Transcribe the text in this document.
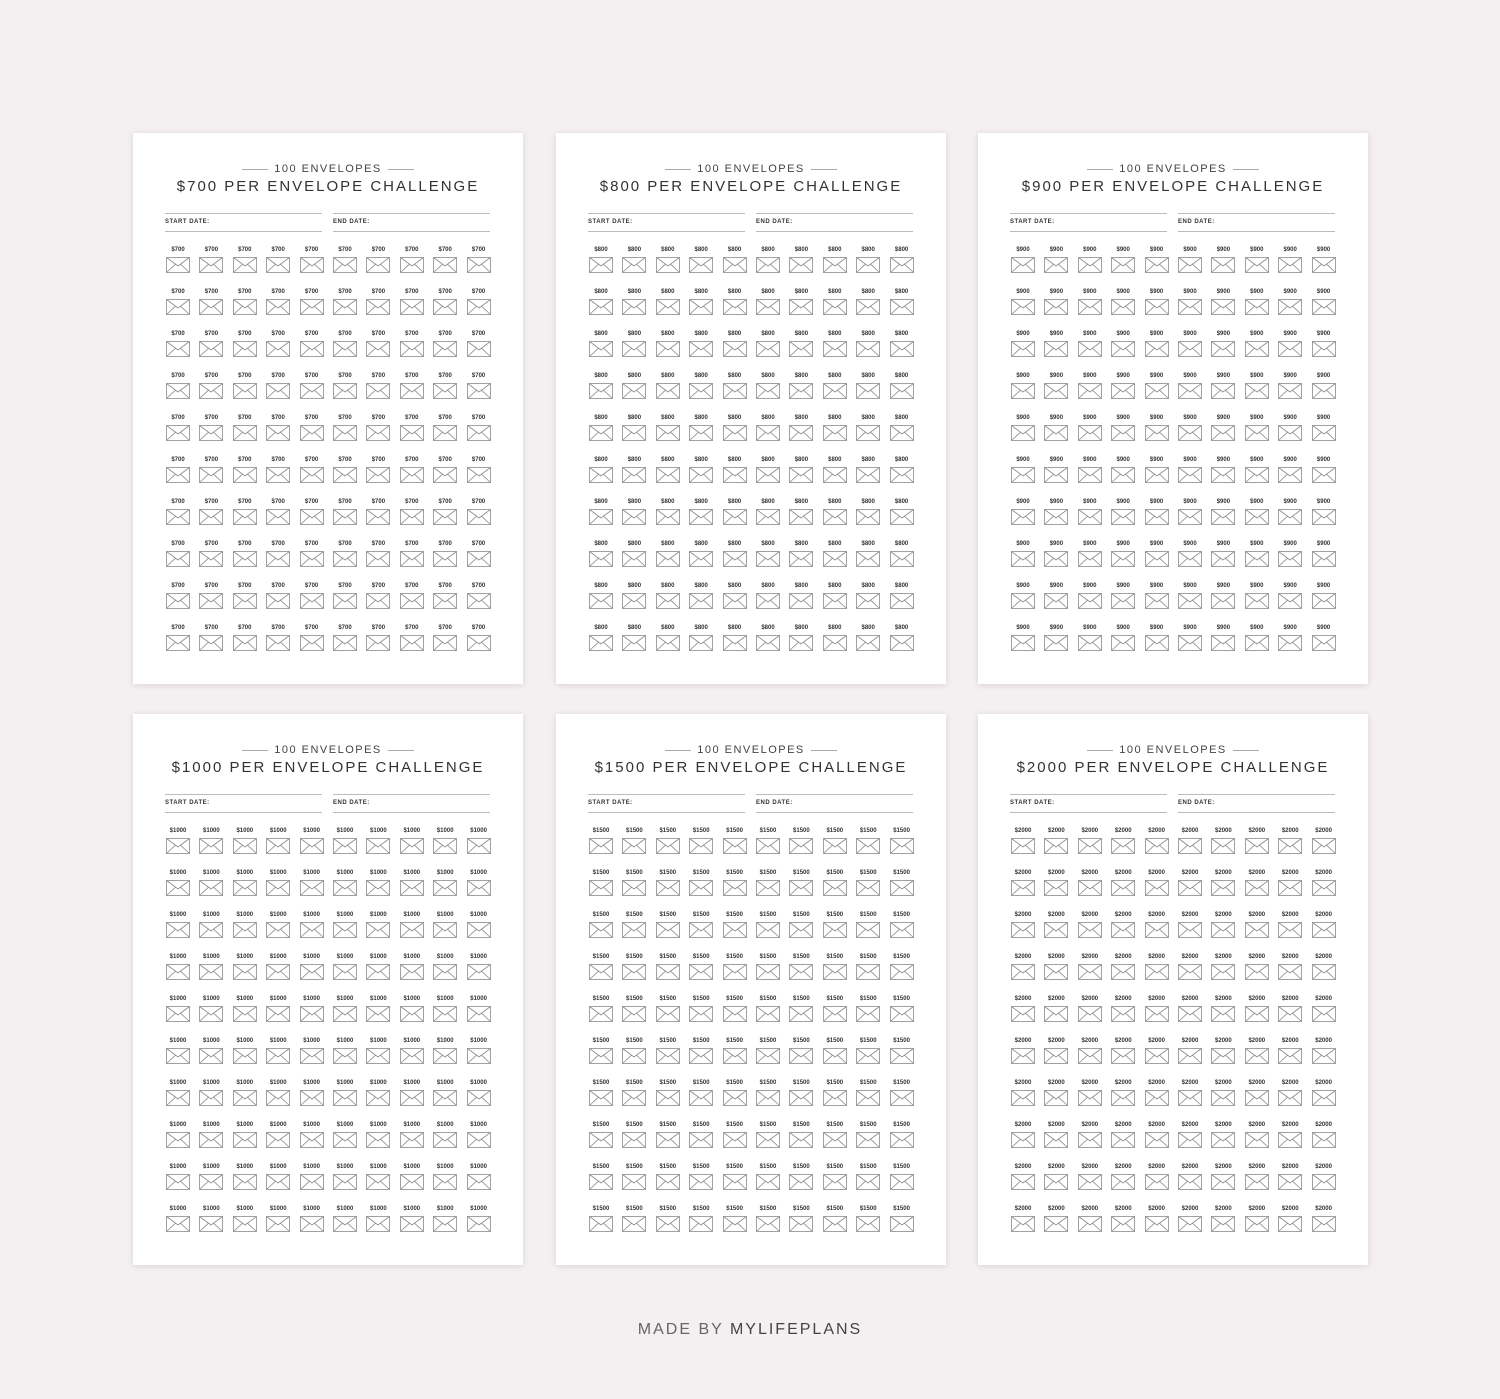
100 ENVELOPES
$700 PER ENVELOPE CHALLENGE
START DATE:	END DATE:
$700	$700	$700	$700	$700	$700	$700	$700	$700	$700
$700	$700	$700	$700	$700	$700	$700	$700	$700	$700
$700	$700	$700	$700	$700	$700	$700	$700	$700	$700
$700	$700	$700	$700	$700	$700	$700	$700	$700	$700
$700	$700	$700	$700	$700	$700	$700	$700	$700	$700
$700	$700	$700	$700	$700	$700	$700	$700	$700	$700
$700	$700	$700	$700	$700	$700	$700	$700	$700	$700
$700	$700	$700	$700	$700	$700	$700	$700	$700	$700
$700	$700	$700	$700	$700	$700	$700	$700	$700	$700
$700	$700	$700	$700	$700	$700	$700	$700	$700	$700
100 ENVELOPES
$800 PER ENVELOPE CHALLENGE
START DATE:	END DATE:
$800	$800	$800	$800	$800	$800	$800	$800	$800	$800
$800	$800	$800	$800	$800	$800	$800	$800	$800	$800
$800	$800	$800	$800	$800	$800	$800	$800	$800	$800
$800	$800	$800	$800	$800	$800	$800	$800	$800	$800
$800	$800	$800	$800	$800	$800	$800	$800	$800	$800
$800	$800	$800	$800	$800	$800	$800	$800	$800	$800
$800	$800	$800	$800	$800	$800	$800	$800	$800	$800
$800	$800	$800	$800	$800	$800	$800	$800	$800	$800
$800	$800	$800	$800	$800	$800	$800	$800	$800	$800
$800	$800	$800	$800	$800	$800	$800	$800	$800	$800
100 ENVELOPES
$900 PER ENVELOPE CHALLENGE
START DATE:	END DATE:
$900	$900	$900	$900	$900	$900	$900	$900	$900	$900
$900	$900	$900	$900	$900	$900	$900	$900	$900	$900
$900	$900	$900	$900	$900	$900	$900	$900	$900	$900
$900	$900	$900	$900	$900	$900	$900	$900	$900	$900
$900	$900	$900	$900	$900	$900	$900	$900	$900	$900
$900	$900	$900	$900	$900	$900	$900	$900	$900	$900
$900	$900	$900	$900	$900	$900	$900	$900	$900	$900
$900	$900	$900	$900	$900	$900	$900	$900	$900	$900
$900	$900	$900	$900	$900	$900	$900	$900	$900	$900
$900	$900	$900	$900	$900	$900	$900	$900	$900	$900
100 ENVELOPES
$1000 PER ENVELOPE CHALLENGE
START DATE:	END DATE:
$1000	$1000	$1000	$1000	$1000	$1000	$1000	$1000	$1000	$1000
$1000	$1000	$1000	$1000	$1000	$1000	$1000	$1000	$1000	$1000
$1000	$1000	$1000	$1000	$1000	$1000	$1000	$1000	$1000	$1000
$1000	$1000	$1000	$1000	$1000	$1000	$1000	$1000	$1000	$1000
$1000	$1000	$1000	$1000	$1000	$1000	$1000	$1000	$1000	$1000
$1000	$1000	$1000	$1000	$1000	$1000	$1000	$1000	$1000	$1000
$1000	$1000	$1000	$1000	$1000	$1000	$1000	$1000	$1000	$1000
$1000	$1000	$1000	$1000	$1000	$1000	$1000	$1000	$1000	$1000
$1000	$1000	$1000	$1000	$1000	$1000	$1000	$1000	$1000	$1000
$1000	$1000	$1000	$1000	$1000	$1000	$1000	$1000	$1000	$1000
100 ENVELOPES
$1500 PER ENVELOPE CHALLENGE
START DATE:	END DATE:
$1500	$1500	$1500	$1500	$1500	$1500	$1500	$1500	$1500	$1500
$1500	$1500	$1500	$1500	$1500	$1500	$1500	$1500	$1500	$1500
$1500	$1500	$1500	$1500	$1500	$1500	$1500	$1500	$1500	$1500
$1500	$1500	$1500	$1500	$1500	$1500	$1500	$1500	$1500	$1500
$1500	$1500	$1500	$1500	$1500	$1500	$1500	$1500	$1500	$1500
$1500	$1500	$1500	$1500	$1500	$1500	$1500	$1500	$1500	$1500
$1500	$1500	$1500	$1500	$1500	$1500	$1500	$1500	$1500	$1500
$1500	$1500	$1500	$1500	$1500	$1500	$1500	$1500	$1500	$1500
$1500	$1500	$1500	$1500	$1500	$1500	$1500	$1500	$1500	$1500
$1500	$1500	$1500	$1500	$1500	$1500	$1500	$1500	$1500	$1500
100 ENVELOPES
$2000 PER ENVELOPE CHALLENGE
START DATE:	END DATE:
$2000	$2000	$2000	$2000	$2000	$2000	$2000	$2000	$2000	$2000
$2000	$2000	$2000	$2000	$2000	$2000	$2000	$2000	$2000	$2000
$2000	$2000	$2000	$2000	$2000	$2000	$2000	$2000	$2000	$2000
$2000	$2000	$2000	$2000	$2000	$2000	$2000	$2000	$2000	$2000
$2000	$2000	$2000	$2000	$2000	$2000	$2000	$2000	$2000	$2000
$2000	$2000	$2000	$2000	$2000	$2000	$2000	$2000	$2000	$2000
$2000	$2000	$2000	$2000	$2000	$2000	$2000	$2000	$2000	$2000
$2000	$2000	$2000	$2000	$2000	$2000	$2000	$2000	$2000	$2000
$2000	$2000	$2000	$2000	$2000	$2000	$2000	$2000	$2000	$2000
$2000	$2000	$2000	$2000	$2000	$2000	$2000	$2000	$2000	$2000
MADE BY MYLIFEPLANS
